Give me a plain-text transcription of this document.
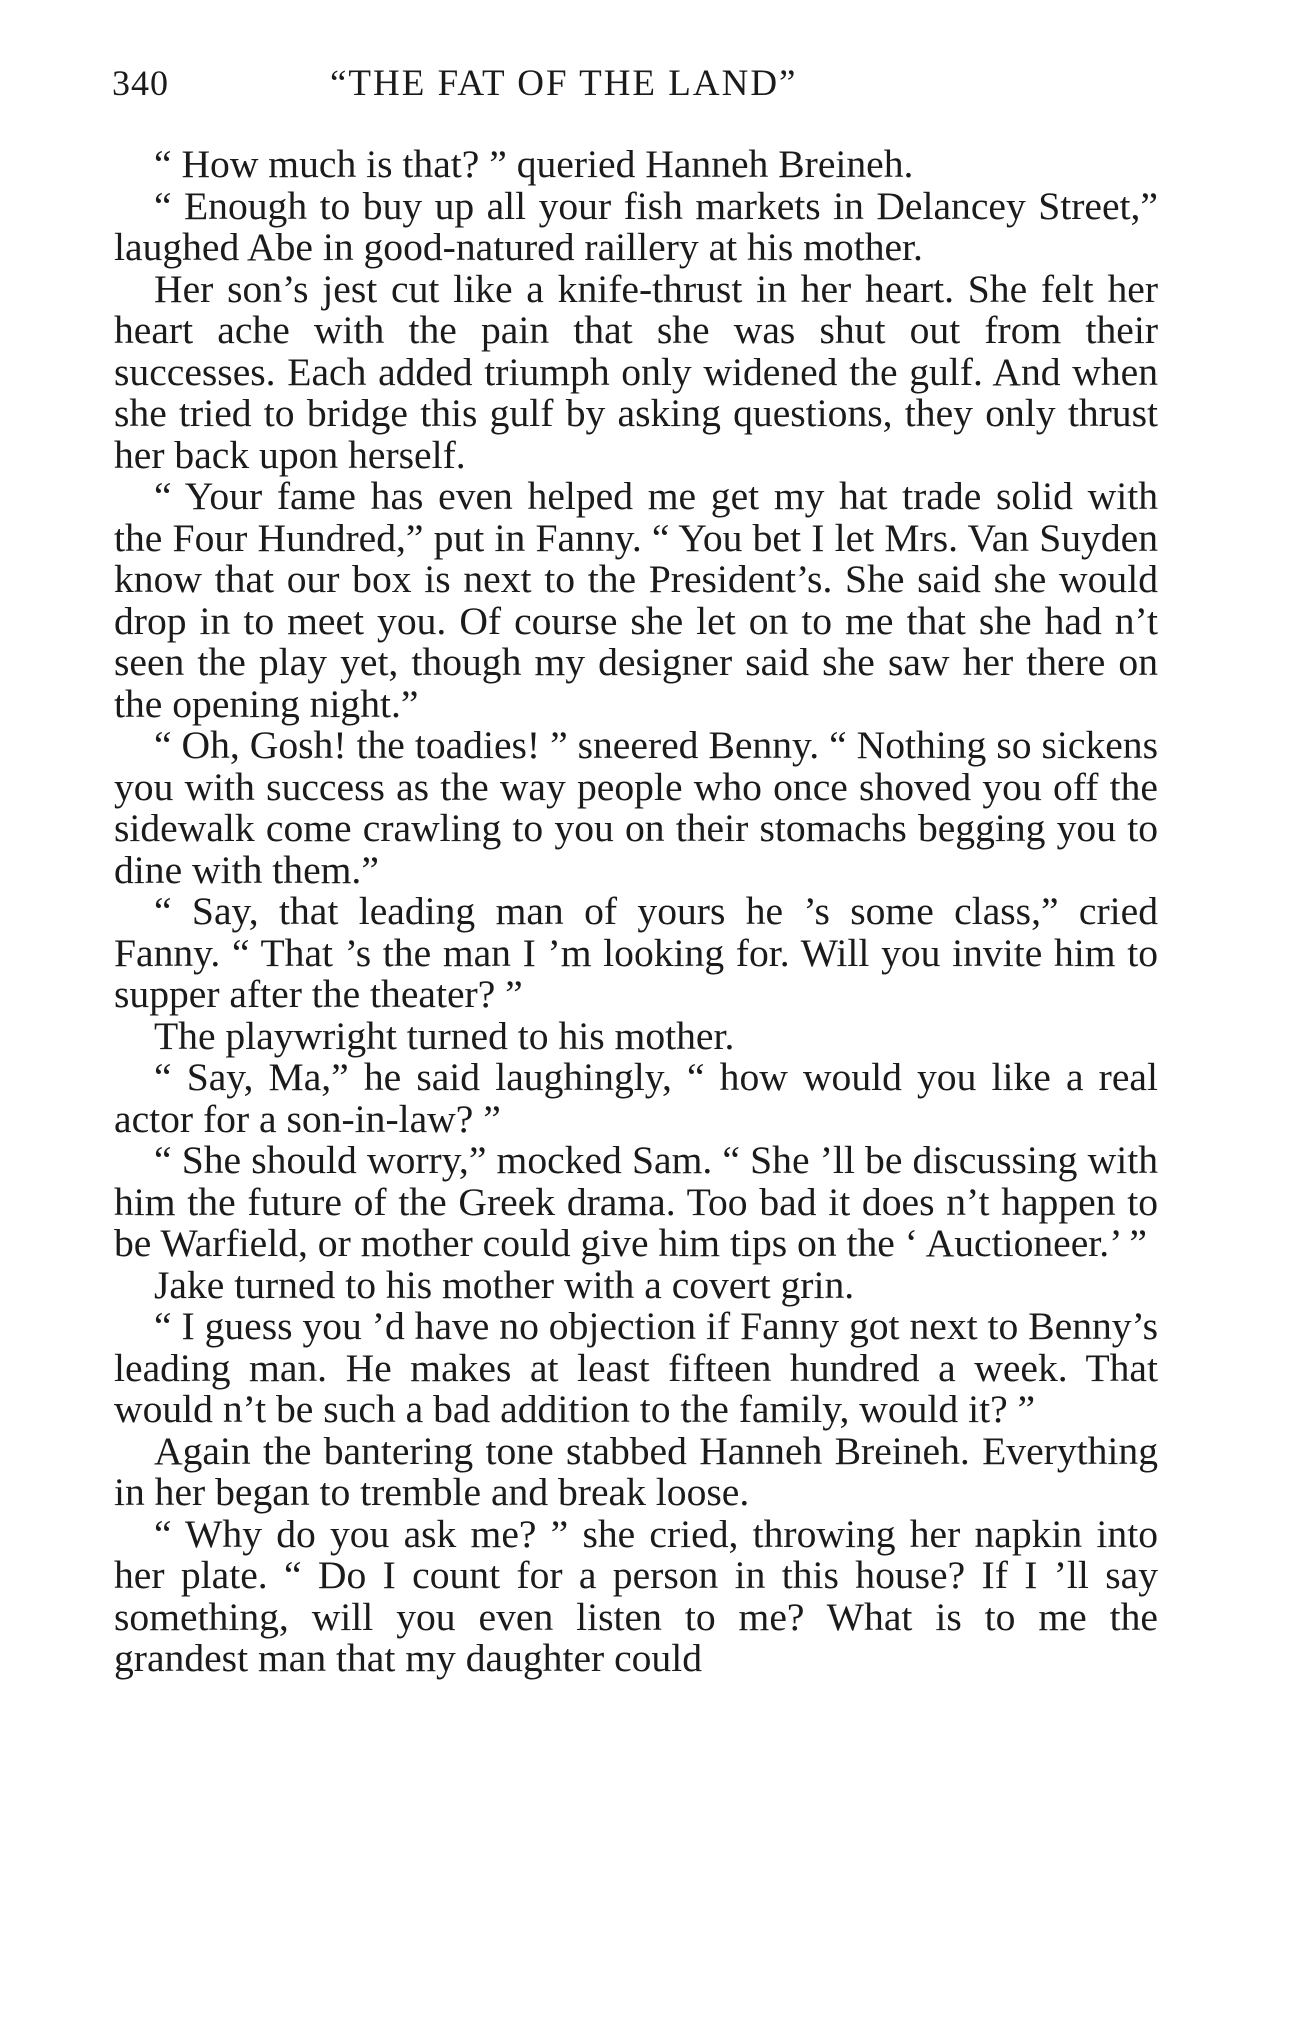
340	“THE FAT OF THE LAND”

“ How much is that? ” queried Hanneh Breineh.

“ Enough to buy up all your fish markets in Delancey Street,” laughed Abe in good-natured raillery at his mother.

Her son’s jest cut like a knife-thrust in her heart. She felt her heart ache with the pain that she was shut out from their successes. Each added triumph only widened the gulf. And when she tried to bridge this gulf by asking questions, they only thrust her back upon herself.

“ Your fame has even helped me get my hat trade solid with the Four Hundred,” put in Fanny. “ You bet I let Mrs. Van Suyden know that our box is next to the President’s. She said she would drop in to meet you. Of course she let on to me that she had n’t seen the play yet, though my designer said she saw her there on the opening night.”

“ Oh, Gosh! the toadies! ” sneered Benny. “ Nothing so sickens you with success as the way people who once shoved you off the sidewalk come crawling to you on their stomachs begging you to dine with them.”

“ Say, that leading man of yours he ’s some class,” cried Fanny. “ That ’s the man I ’m looking for. Will you invite him to supper after the theater? ”

The playwright turned to his mother.

“ Say, Ma,” he said laughingly, “ how would you like a real actor for a son-in-law? ”

“ She should worry,” mocked Sam. “ She ’ll be discussing with him the future of the Greek drama. Too bad it does n’t happen to be Warfield, or mother could give him tips on the ‘ Auctioneer.’ ”

Jake turned to his mother with a covert grin.

“ I guess you ’d have no objection if Fanny got next to Benny’s leading man. He makes at least fifteen hundred a week. That would n’t be such a bad addition to the family, would it? ”

Again the bantering tone stabbed Hanneh Breineh. Everything in her began to tremble and break loose.

“ Why do you ask me? ” she cried, throwing her napkin into her plate. “ Do I count for a person in this house? If I ’ll say something, will you even listen to me? What is to me the grandest man that my daughter could
